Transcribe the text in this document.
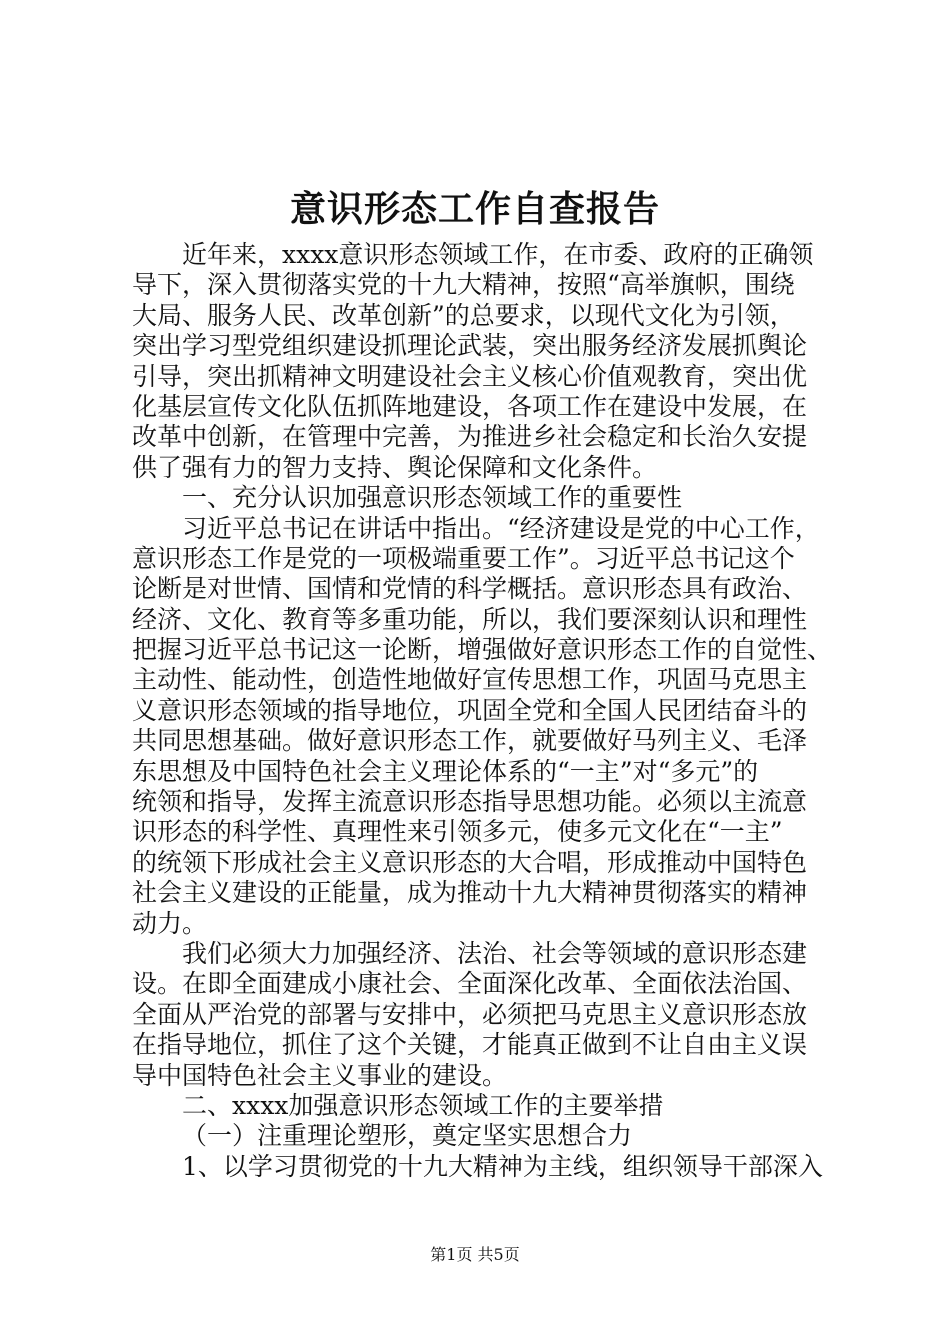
意识形态工作自查报告
近年来，xxxx意识形态领域工作，在市委、政府的正确领
导下，深入贯彻落实党的十九大精神，按照“高举旗帜，围绕
大局、服务人民、改革创新”的总要求，以现代文化为引领，
突出学习型党组织建设抓理论武装，突出服务经济发展抓舆论
引导，突出抓精神文明建设社会主义核心价值观教育，突出优
化基层宣传文化队伍抓阵地建设，各项工作在建设中发展，在
改革中创新，在管理中完善，为推进乡社会稳定和长治久安提
供了强有力的智力支持、舆论保障和文化条件。
一、充分认识加强意识形态领域工作的重要性
习近平总书记在讲话中指出。“经济建设是党的中心工作，
意识形态工作是党的一项极端重要工作”。习近平总书记这个
论断是对世情、国情和党情的科学概括。意识形态具有政治、
经济、文化、教育等多重功能，所以，我们要深刻认识和理性
把握习近平总书记这一论断，增强做好意识形态工作的自觉性、
主动性、能动性，创造性地做好宣传思想工作，巩固马克思主
义意识形态领域的指导地位，巩固全党和全国人民团结奋斗的
共同思想基础。做好意识形态工作，就要做好马列主义、毛泽
东思想及中国特色社会主义理论体系的“一主”对“多元”的
统领和指导，发挥主流意识形态指导思想功能。必须以主流意
识形态的科学性、真理性来引领多元，使多元文化在“一主”
的统领下形成社会主义意识形态的大合唱，形成推动中国特色
社会主义建设的正能量，成为推动十九大精神贯彻落实的精神
动力。
我们必须大力加强经济、法治、社会等领域的意识形态建
设。在即全面建成小康社会、全面深化改革、全面依法治国、
全面从严治党的部署与安排中，必须把马克思主义意识形态放
在指导地位，抓住了这个关键，才能真正做到不让自由主义误
导中国特色社会主义事业的建设。
二、xxxx加强意识形态领域工作的主要举措
（一）注重理论塑形，奠定坚实思想合力
1、以学习贯彻党的十九大精神为主线，组织领导干部深入
第1页 共5页
